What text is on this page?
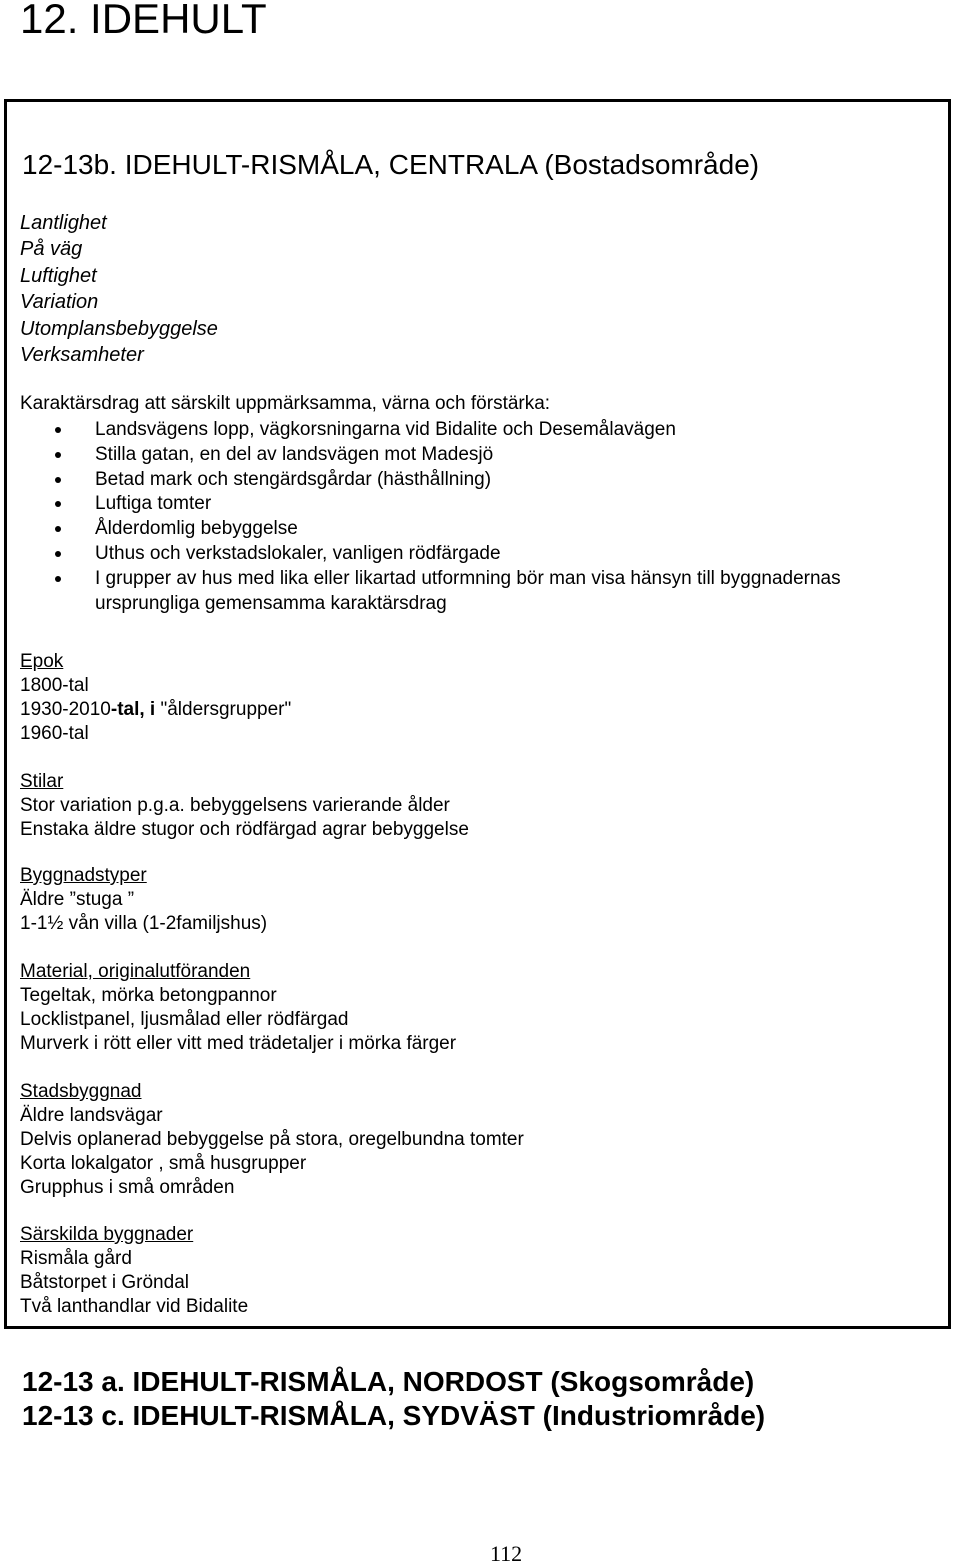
12. IDEHULT
12-13b. IDEHULT-RISMÅLA, CENTRALA (Bostadsområde)
Lantlighet
På väg
Luftighet
Variation
Utomplansbebyggelse
Verksamheter
Karaktärsdrag att särskilt uppmärksamma, värna och förstärka:
Landsvägens lopp, vägkorsningarna vid Bidalite och Desemålavägen
Stilla gatan, en del av landsvägen mot Madesjö
Betad mark och stengärdsgårdar (hästhållning)
Luftiga tomter
Ålderdomlig bebyggelse
Uthus och verkstadslokaler, vanligen rödfärgade
I grupper av hus med lika eller likartad utformning bör man visa hänsyn till byggnadernas ursprungliga gemensamma karaktärsdrag
Epok
1800-tal
1930-2010-tal, i "åldersgrupper"
1960-tal
Stilar
Stor variation p.g.a. bebyggelsens varierande ålder
Enstaka äldre stugor och rödfärgad agrar bebyggelse
Byggnadstyper
Äldre ”stuga ”
1-1½ vån villa (1-2familjshus)
Material, originalutföranden
Tegeltak, mörka betongpannor
Locklistpanel, ljusmålad eller rödfärgad
Murverk i rött eller vitt med trädetaljer i mörka färger
Stadsbyggnad
Äldre landsvägar
Delvis oplanerad bebyggelse på stora, oregelbundna tomter
Korta lokalgator , små husgrupper
Grupphus i små områden
Särskilda byggnader
Rismåla gård
Båtstorpet i Gröndal
Två lanthandlar vid Bidalite
12-13 a. IDEHULT-RISMÅLA, NORDOST (Skogsområde)
12-13 c. IDEHULT-RISMÅLA, SYDVÄST (Industriområde)
112
